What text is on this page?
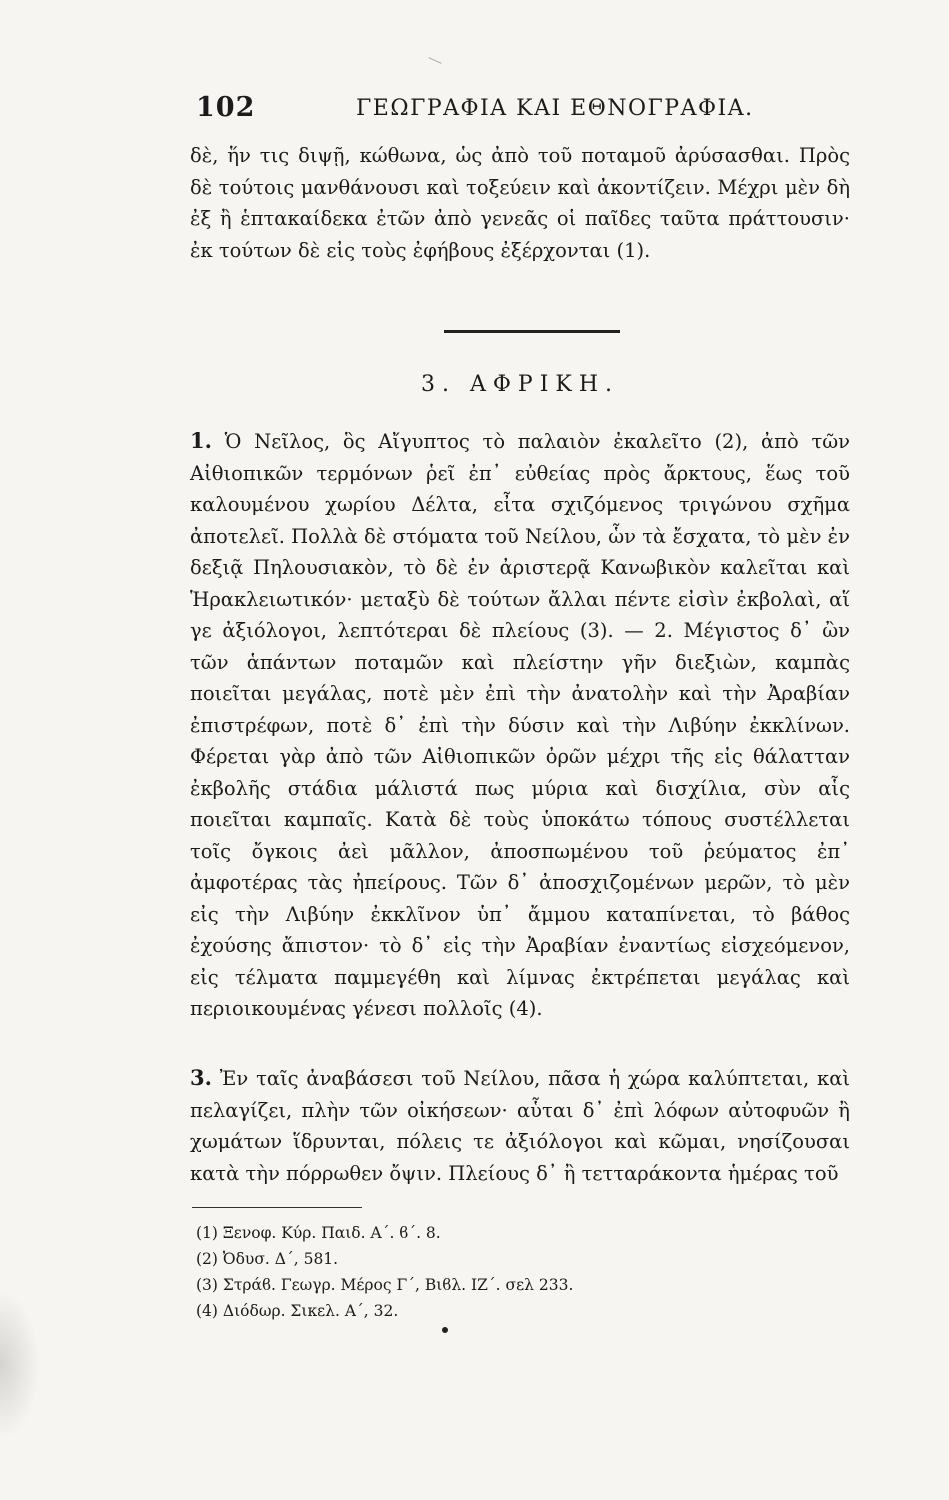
102	ΓΕΩΓΡΑΦΙΑ ΚΑΙ ΕΘΝΟΓΡΑΦΙΑ.

δὲ, ἥν τις διψῇ, κώθωνα, ὡς ἀπὸ τοῦ ποταμοῦ ἀρύσασθαι. Πρὸς δὲ τούτοις μανθάνουσι καὶ τοξεύειν καὶ ἀκοντίζειν. Μέχρι μὲν δὴ ἐξ ἢ ἑπτακαίδεκα ἐτῶν ἀπὸ γενεᾶς οἱ παῖδες ταῦτα πράττουσιν· ἐκ τούτων δὲ εἰς τοὺς ἐφήβους ἐξέρχονται (1).

3. ΑΦΡΙΚΗ.

1. Ὁ Νεῖλος, ὃς Αἴγυπτος τὸ παλαιὸν ἐκαλεῖτο (2), ἀπὸ τῶν Αἰθιοπικῶν τερμόνων ῥεῖ ἐπ᾽ εὐθείας πρὸς ἄρκτους, ἕως τοῦ καλουμένου χωρίου Δέλτα, εἶτα σχιζόμενος τριγώνου σχῆμα ἀποτελεῖ. Πολλὰ δὲ στόματα τοῦ Νείλου, ὧν τὰ ἔσχατα, τὸ μὲν ἐν δεξιᾷ Πηλουσιακὸν, τὸ δὲ ἐν ἀριστερᾷ Κανωβικὸν καλεῖται καὶ Ἡρακλειωτικόν· μεταξὺ δὲ τούτων ἄλλαι πέντε εἰσὶν ἐκβολαὶ, αἵ γε ἀξιόλογοι, λεπτότεραι δὲ πλείους (3). — 2. Μέγιστος δ᾽ ὢν τῶν ἁπάντων ποταμῶν καὶ πλείστην γῆν διεξιὼν, καμπὰς ποιεῖται μεγάλας, ποτὲ μὲν ἐπὶ τὴν ἀνατολὴν καὶ τὴν Ἀραβίαν ἐπιστρέφων, ποτὲ δ᾽ ἐπὶ τὴν δύσιν καὶ τὴν Λιβύην ἐκκλίνων. Φέρεται γὰρ ἀπὸ τῶν Αἰθιοπικῶν ὀρῶν μέχρι τῆς εἰς θάλατταν ἐκβολῆς στάδια μάλιστά πως μύρια καὶ δισχίλια, σὺν αἷς ποιεῖται καμπαῖς. Κατὰ δὲ τοὺς ὑποκάτω τόπους συστέλλεται τοῖς ὄγκοις ἀεὶ μᾶλλον, ἀποσπωμένου τοῦ ῥεύματος ἐπ᾽ ἀμφοτέρας τὰς ἠπείρους. Τῶν δ᾽ ἀποσχιζομένων μερῶν, τὸ μὲν εἰς τὴν Λιβύην ἐκκλῖνον ὑπ᾽ ἄμμου καταπίνεται, τὸ βάθος ἐχούσης ἄπιστον· τὸ δ᾽ εἰς τὴν Ἀραβίαν ἐναντίως εἰσχεόμενον, εἰς τέλματα παμμεγέθη καὶ λίμνας ἐκτρέπεται μεγάλας καὶ περιοικουμένας γένεσι πολλοῖς (4).

3. Ἐν ταῖς ἀναβάσεσι τοῦ Νείλου, πᾶσα ἡ χώρα καλύπτεται, καὶ πελαγίζει, πλὴν τῶν οἰκήσεων· αὗται δ᾽ ἐπὶ λόφων αὐτοφυῶν ἢ χωμάτων ἵδρυνται, πόλεις τε ἀξιόλογοι καὶ κῶμαι, νησίζουσαι κατὰ τὴν πόρρωθεν ὄψιν. Πλείους δ᾽ ἢ τετταράκοντα ἡμέρας τοῦ

(1) Ξενοφ. Κύρ. Παιδ. Α΄. ϐ΄. 8.
(2) Ὀδυσ. Δ΄, 581.
(3) Στράϐ. Γεωγρ. Μέρος Γ΄, Βιϐλ. ΙΖ΄. σελ 233.
(4) Διόδωρ. Σικελ. Α΄, 32.
